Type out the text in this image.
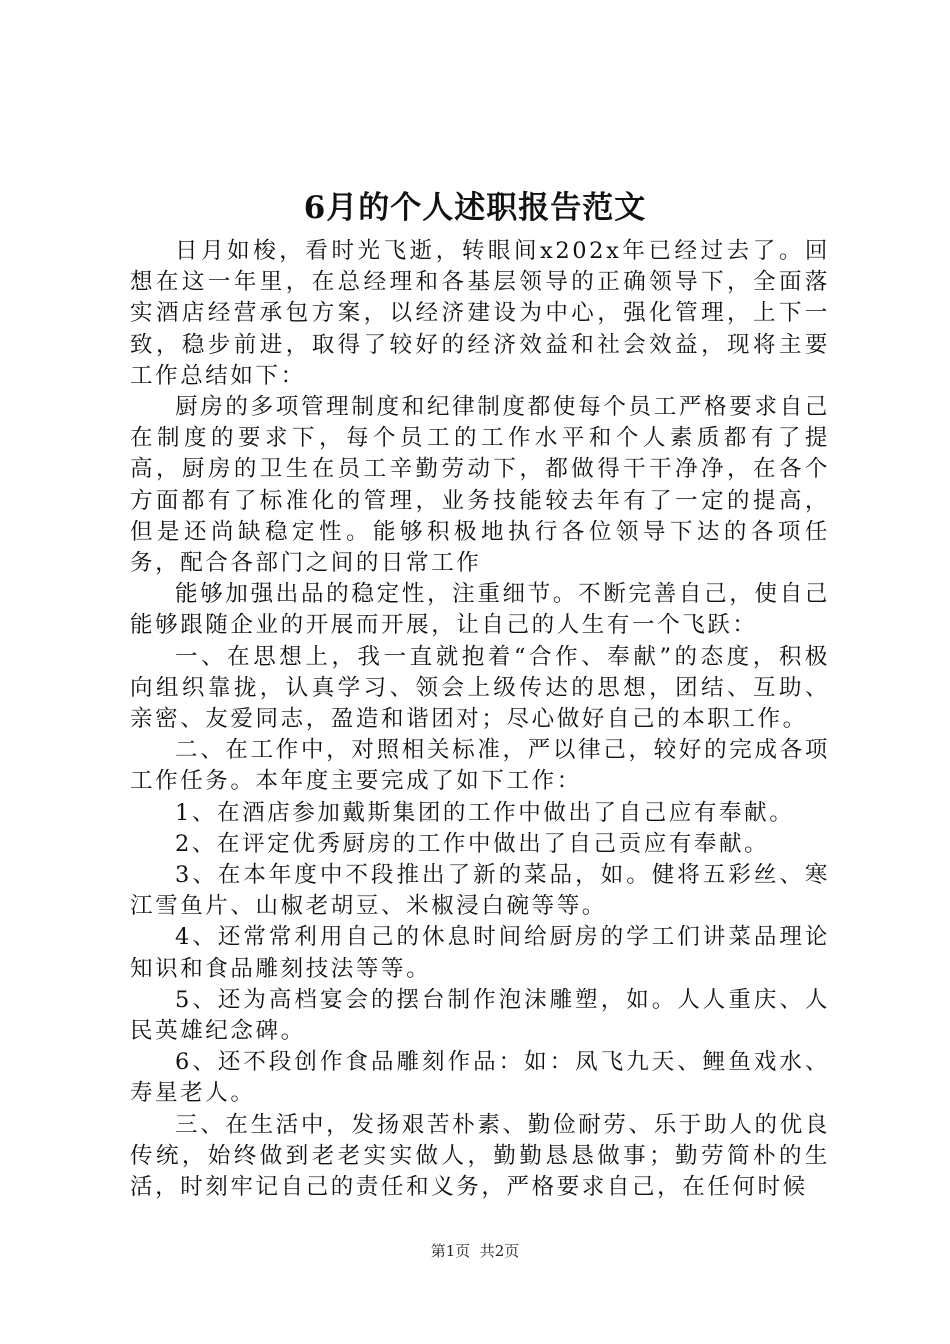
6月的个人述职报告范文

日月如梭，看时光飞逝，转眼间x202x年已经过去了。回想在这一年里，在总经理和各基层领导的正确领导下，全面落实酒店经营承包方案，以经济建设为中心，强化管理，上下一致，稳步前进，取得了较好的经济效益和社会效益，现将主要工作总结如下：

厨房的多项管理制度和纪律制度都使每个员工严格要求自己在制度的要求下，每个员工的工作水平和个人素质都有了提高，厨房的卫生在员工辛勤劳动下，都做得干干净净，在各个方面都有了标准化的管理，业务技能较去年有了一定的提高，但是还尚缺稳定性。能够积极地执行各位领导下达的各项任务，配合各部门之间的日常工作

能够加强出品的稳定性，注重细节。不断完善自己，使自己能够跟随企业的开展而开展，让自己的人生有一个飞跃：

一、在思想上，我一直就抱着“合作、奉献”的态度，积极向组织靠拢，认真学习、领会上级传达的思想，团结、互助、亲密、友爱同志，盈造和谐团对；尽心做好自己的本职工作。

二、在工作中，对照相关标准，严以律己，较好的完成各项工作任务。本年度主要完成了如下工作：

1、在酒店参加戴斯集团的工作中做出了自己应有奉献。

2、在评定优秀厨房的工作中做出了自己贡应有奉献。

3、在本年度中不段推出了新的菜品，如。健将五彩丝、寒江雪鱼片、山椒老胡豆、米椒浸白碗等等。

4、还常常利用自己的休息时间给厨房的学工们讲菜品理论知识和食品雕刻技法等等。

5、还为高档宴会的摆台制作泡沫雕塑，如。人人重庆、人民英雄纪念碑。

6、还不段创作食品雕刻作品：如：凤飞九天、鲤鱼戏水、寿星老人。

三、在生活中，发扬艰苦朴素、勤俭耐劳、乐于助人的优良传统，始终做到老老实实做人，勤勤恳恳做事；勤劳简朴的生活，时刻牢记自己的责任和义务，严格要求自己，在任何时候

第1页  共2页
